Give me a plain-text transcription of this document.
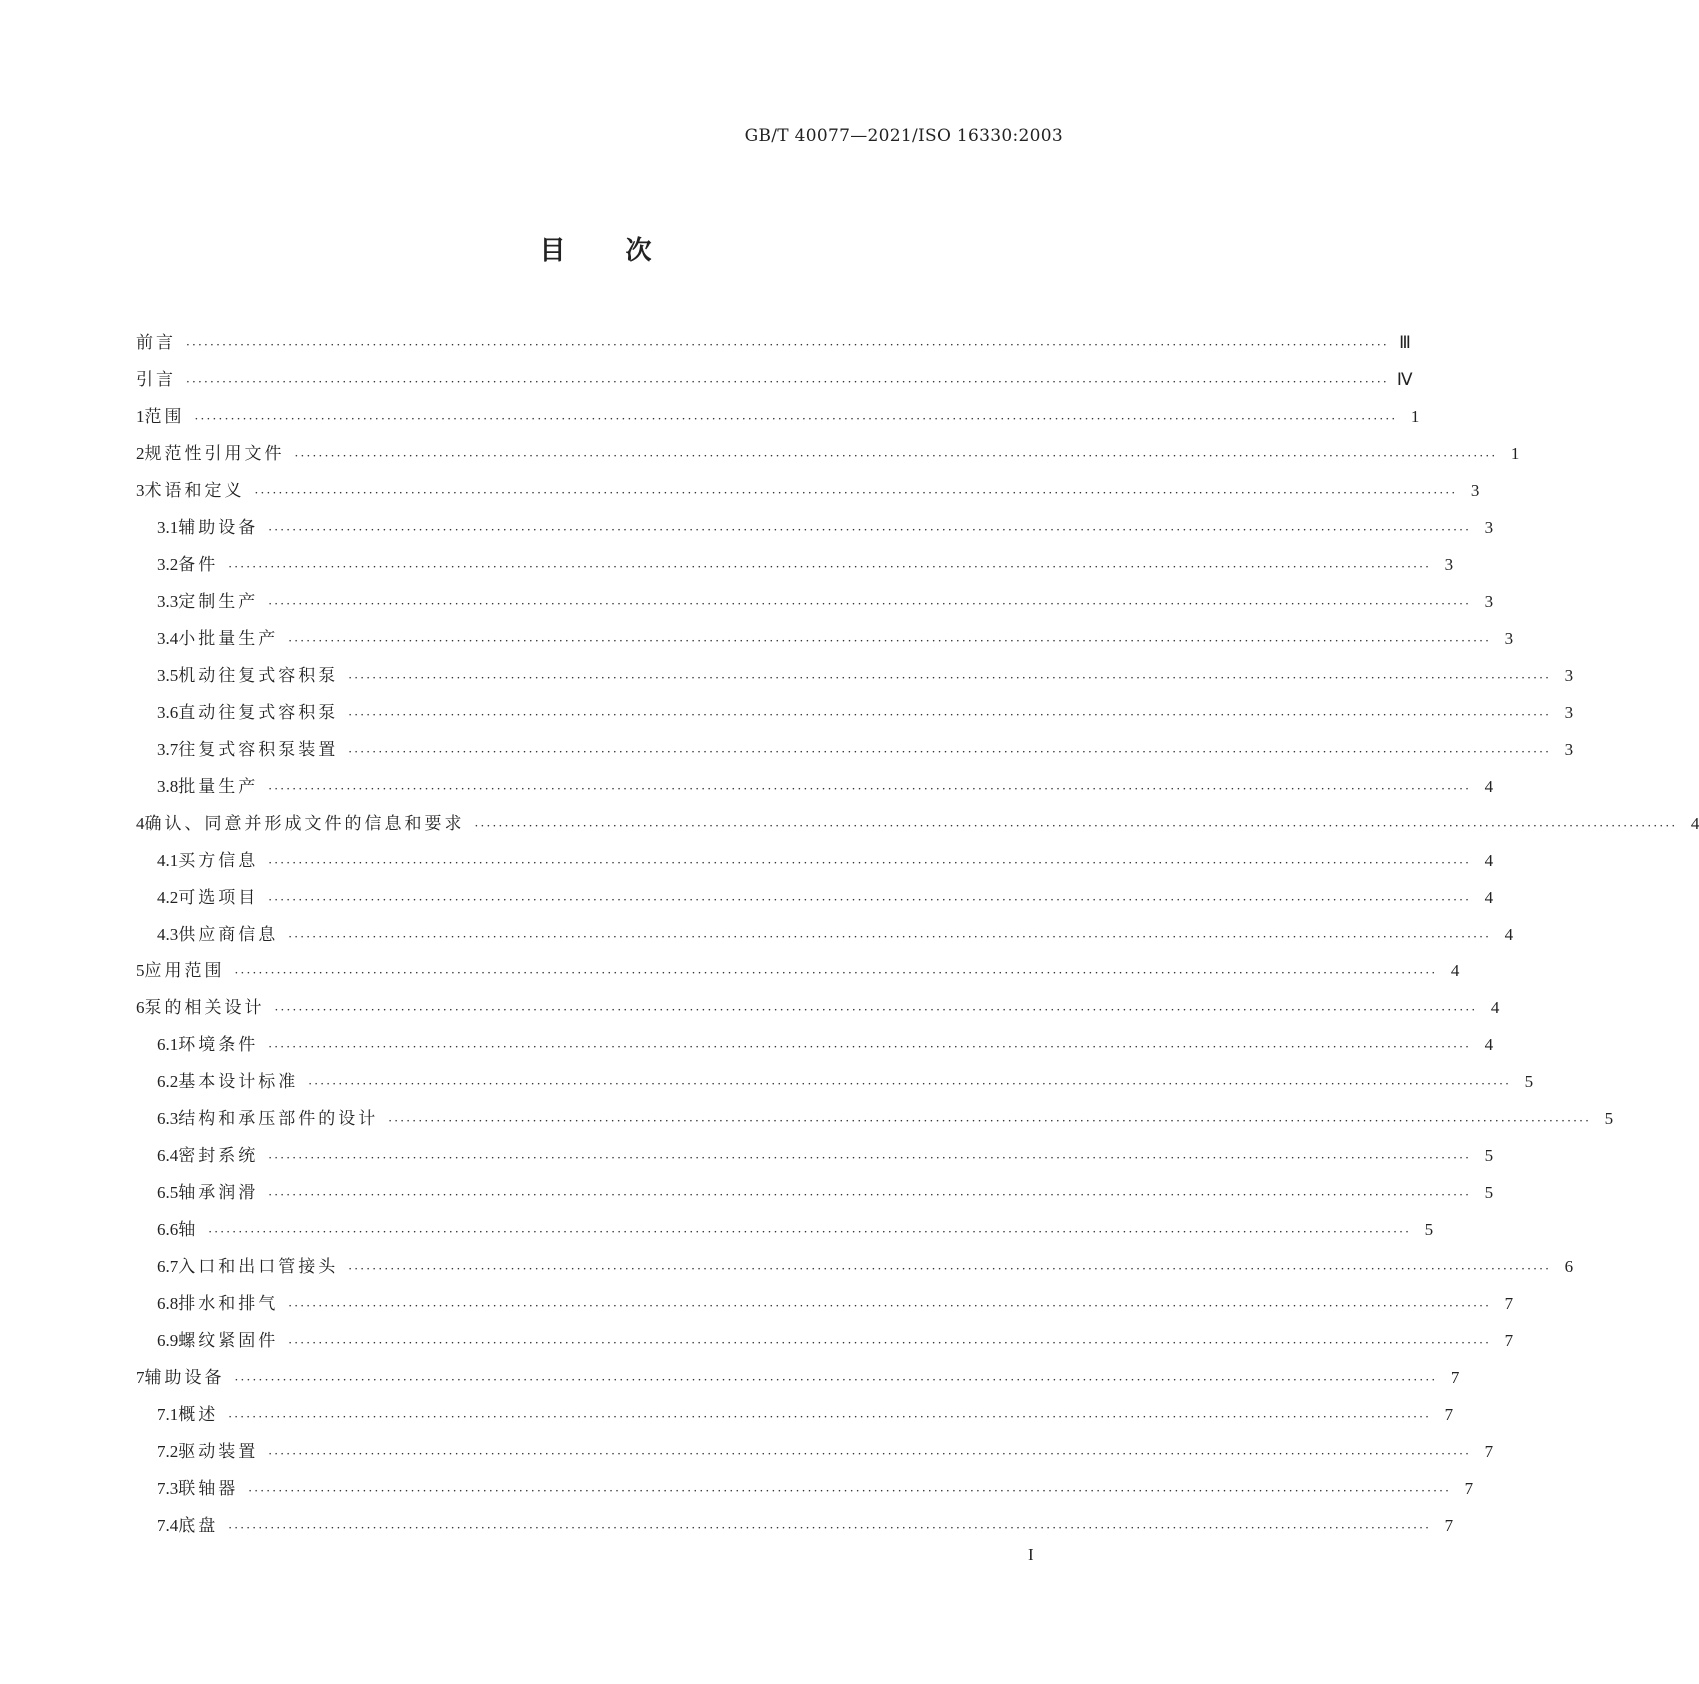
GB/T 40077—2021/ISO 16330:2003
目次
前言 ········································································································································································································ Ⅲ
引言 ········································································································································································································ Ⅳ
1 范围 ········································································································································································································ 1
2 规范性引用文件 ········································································································································································································ 1
3 术语和定义 ········································································································································································································ 3
3.1 辅助设备 ········································································································································································································ 3
3.2 备件 ········································································································································································································ 3
3.3 定制生产 ········································································································································································································ 3
3.4 小批量生产 ········································································································································································································ 3
3.5 机动往复式容积泵 ········································································································································································································ 3
3.6 直动往复式容积泵 ········································································································································································································ 3
3.7 往复式容积泵装置 ········································································································································································································ 3
3.8 批量生产 ········································································································································································································ 4
4 确认、同意并形成文件的信息和要求 ········································································································································································································ 4
4.1 买方信息 ········································································································································································································ 4
4.2 可选项目 ········································································································································································································ 4
4.3 供应商信息 ········································································································································································································ 4
5 应用范围 ········································································································································································································ 4
6 泵的相关设计 ········································································································································································································ 4
6.1 环境条件 ········································································································································································································ 4
6.2 基本设计标准 ········································································································································································································ 5
6.3 结构和承压部件的设计 ········································································································································································································ 5
6.4 密封系统 ········································································································································································································ 5
6.5 轴承润滑 ········································································································································································································ 5
6.6 轴 ········································································································································································································ 5
6.7 入口和出口管接头 ········································································································································································································ 6
6.8 排水和排气 ········································································································································································································ 7
6.9 螺纹紧固件 ········································································································································································································ 7
7 辅助设备 ········································································································································································································ 7
7.1 概述 ········································································································································································································ 7
7.2 驱动装置 ········································································································································································································ 7
7.3 联轴器 ········································································································································································································ 7
7.4 底盘 ········································································································································································································ 7
I
